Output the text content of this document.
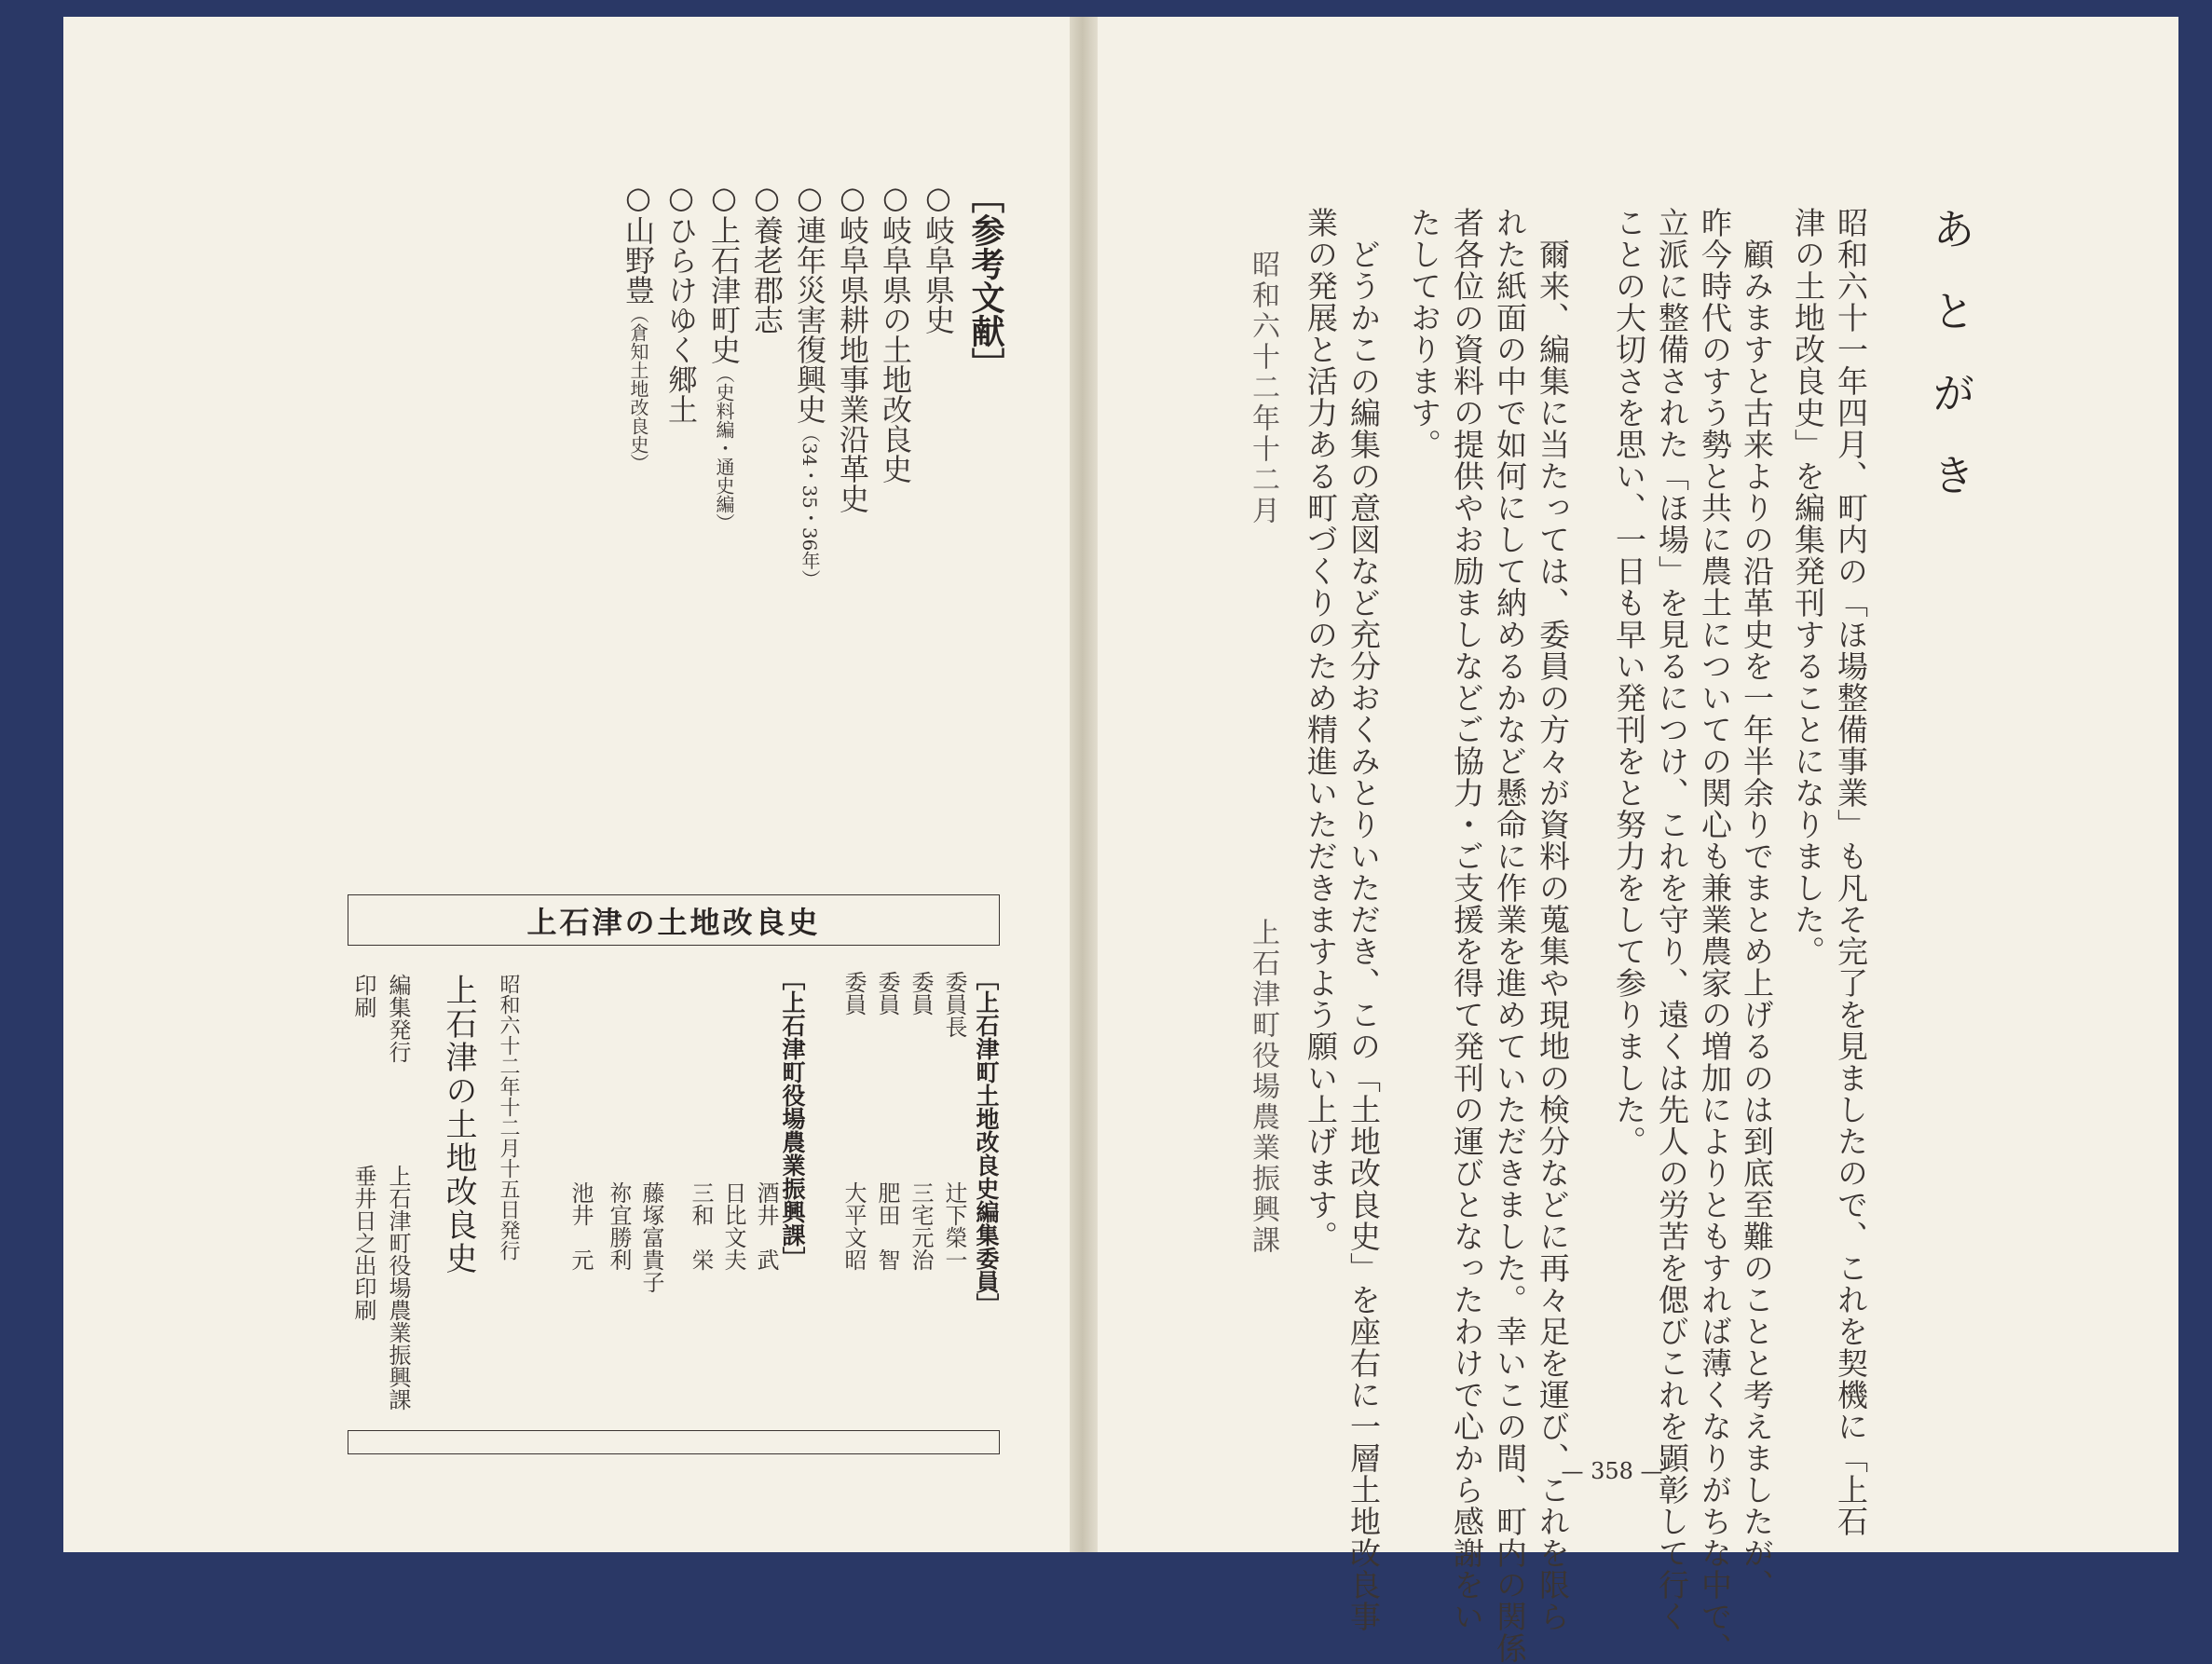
あとがき
昭和六十一年四月、町内の「ほ場整備事業」も凡そ完了を見ましたので、これを契機に「上石
津の土地改良史」を編集発刊することになりました。
　顧みますと古来よりの沿革史を一年半余りでまとめ上げるのは到底至難のことと考えましたが、
昨今時代のすう勢と共に農土についての関心も兼業農家の増加によりともすれば薄くなりがちな中で、
立派に整備された「ほ場」を見るにつけ、これを守り、遠くは先人の労苦を偲びこれを顕彰して行く
ことの大切さを思い、一日も早い発刊をと努力をして参りました。
　爾来、編集に当たっては、委員の方々が資料の蒐集や現地の検分などに再々足を運び、これを限ら
れた紙面の中で如何にして納めるかなど懸命に作業を進めていただきました。幸いこの間、町内の関係
者各位の資料の提供やお励ましなどご協力・ご支援を得て発刊の運びとなったわけで心から感謝をい
たしております。
　どうかこの編集の意図など充分おくみとりいただき、この「土地改良史」を座右に一層土地改良事
業の発展と活力ある町づくりのため精進いただきますよう願い上げます。
昭和六十二年十二月
上石津町役場農業振興課
— 358 —
［参考文献］
○岐阜県史
○岐阜県の土地改良史
○岐阜県耕地事業沿革史
○連年災害復興史（34・35・36年）
○養老郡志
○上石津町史（史料編・通史編）
○ひらけゆく郷土
○山野豊（倉知土地改良史）
上石津の土地改良史
［上石津町土地改良史編集委員］
委員長
辻下榮一
委員
三宅元治
委員
肥田　智
委員
大平文昭
［上石津町役場農業振興課］
酒井　武
日比文夫
三和　栄
藤塚富貴子
祢宜勝利
池井　元
昭和六十二年十二月十五日発行
上石津の土地改良史
編集発行
上石津町役場農業振興課
印刷
垂井日之出印刷
